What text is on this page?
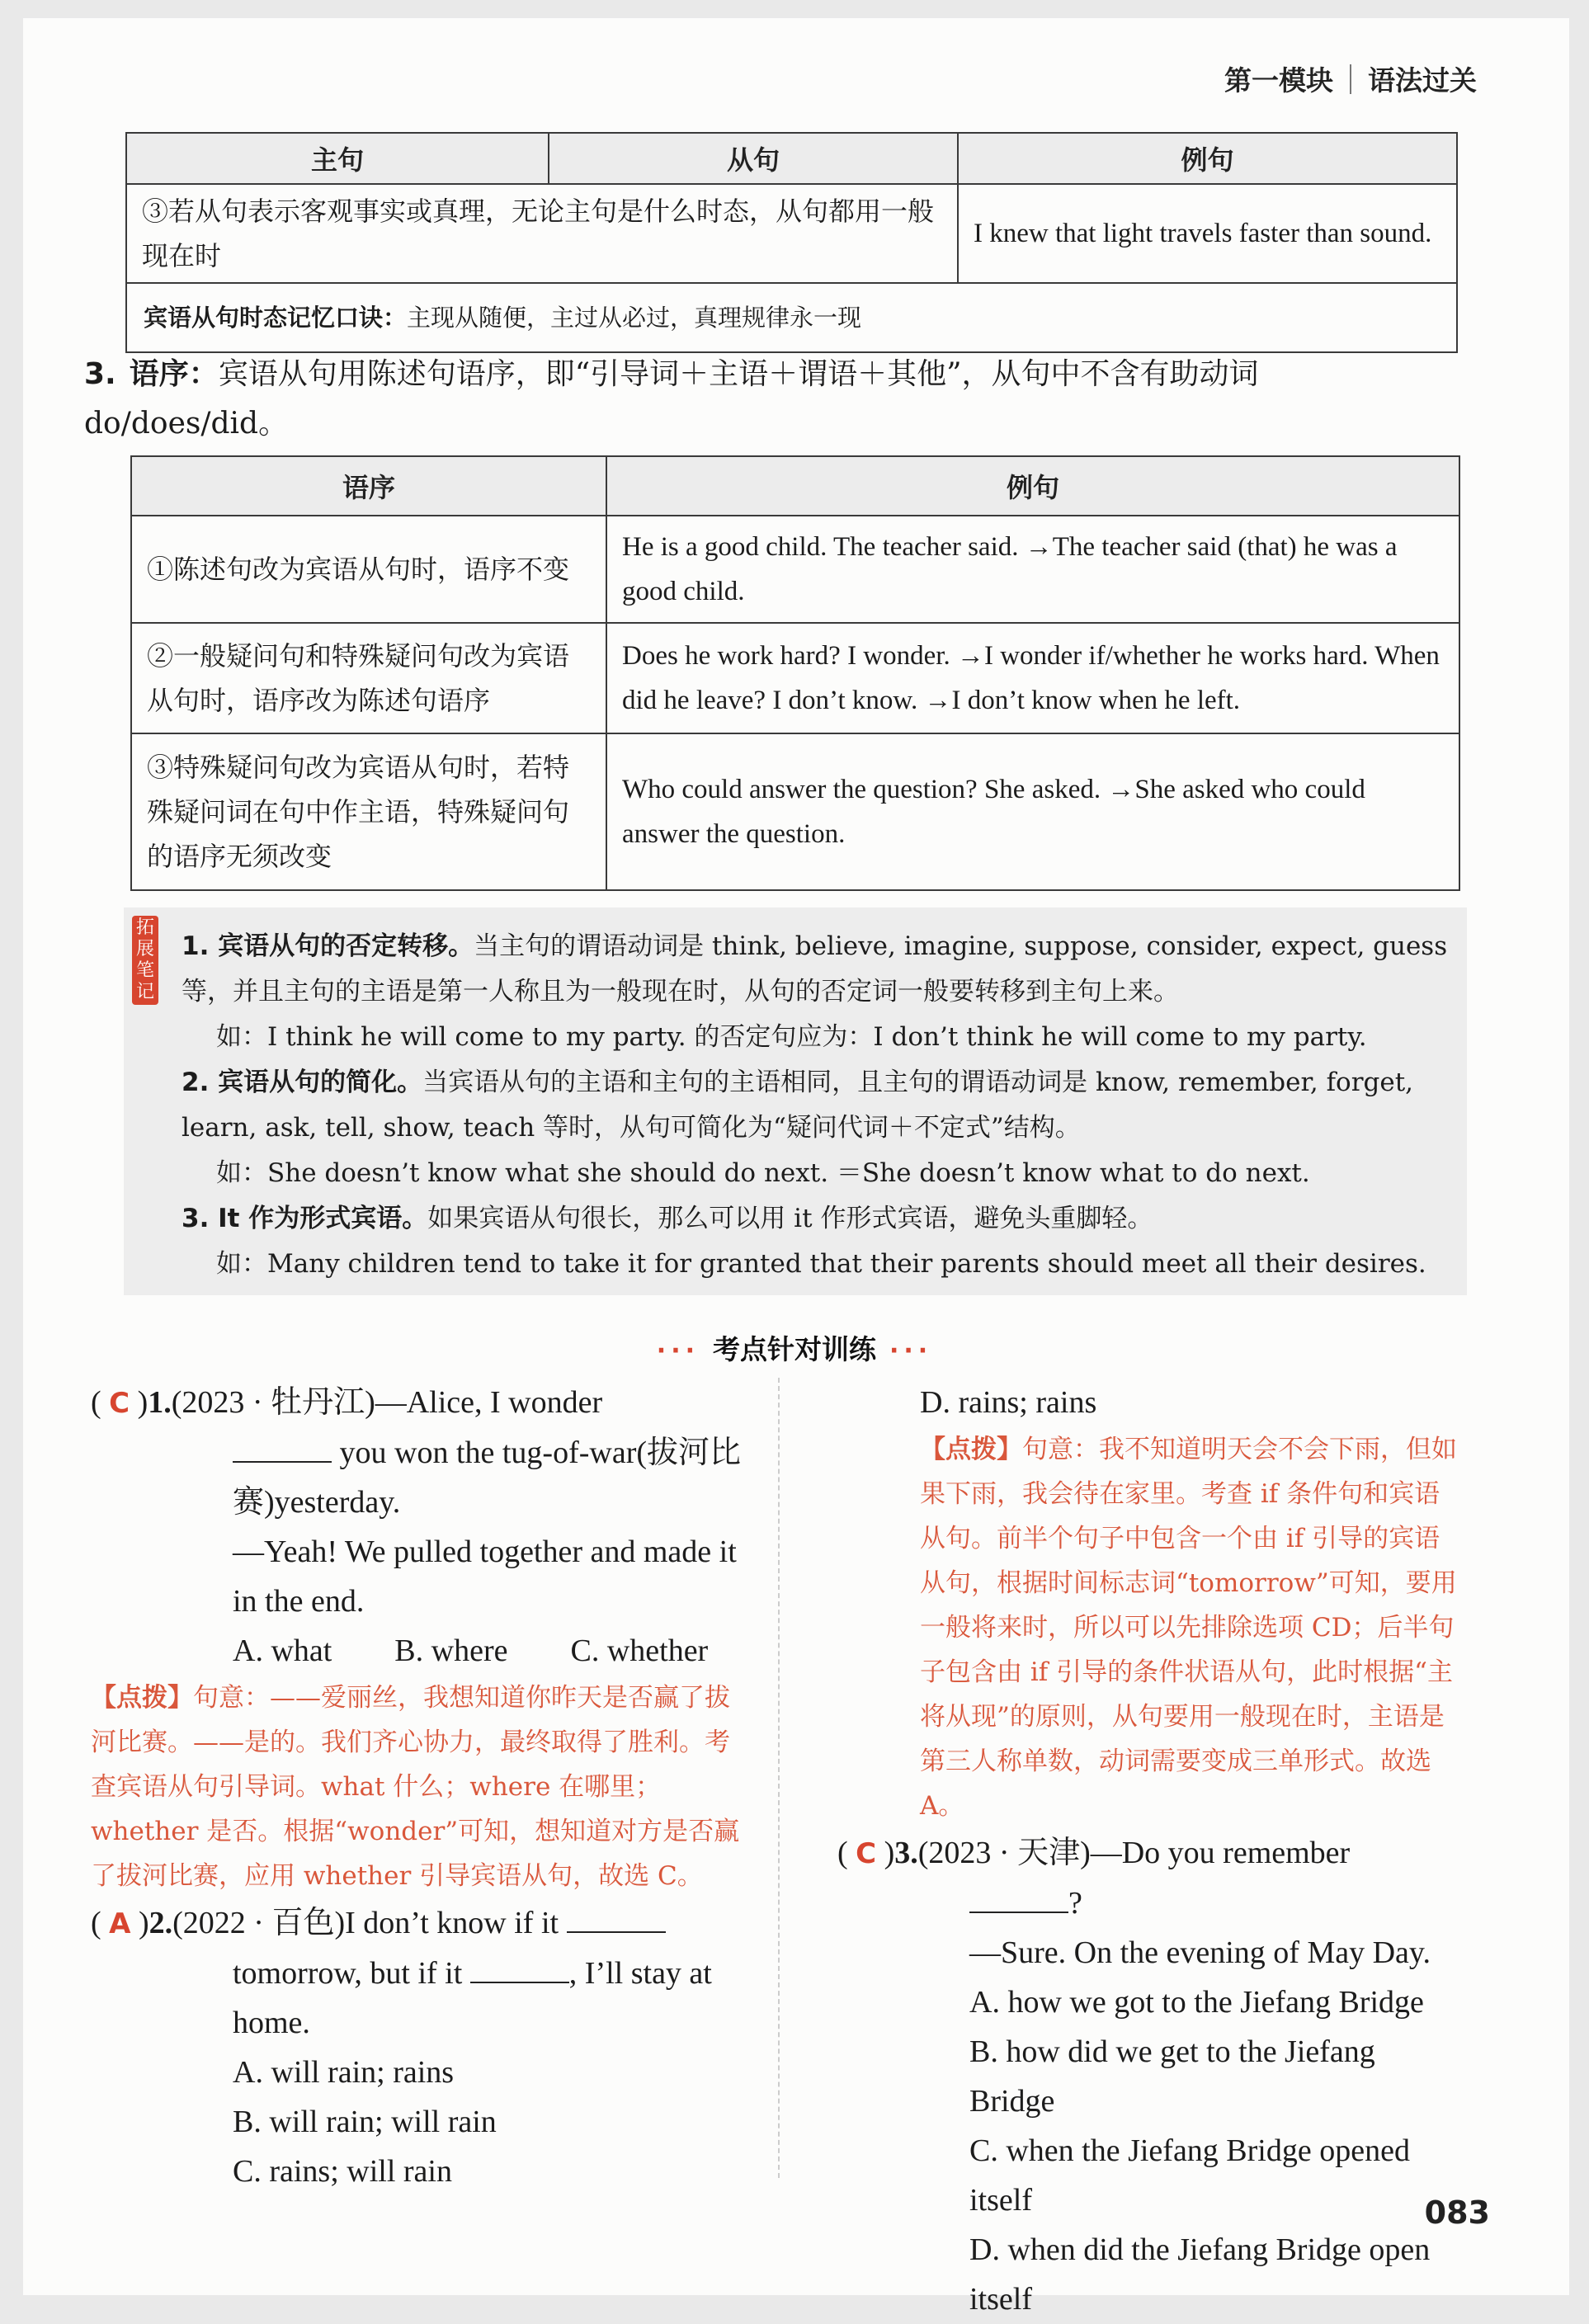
第一模块 语法过关
主句	从句	例句
③若从句表示客观事实或真理，无论主句是什么时态，从句都用一般现在时		I knew that light travels faster than sound.
宾语从句时态记忆口诀：主现从随便，主过从必过，真理规律永一现		
3. 语序：宾语从句用陈述句语序，即“引导词＋主语＋谓语＋其他”，从句中不含有助动词 do/does/did。
语序	例句
①陈述句改为宾语从句时，语序不变	He is a good child. The teacher said. →The teacher said (that) he was a good child.
②一般疑问句和特殊疑问句改为宾语从句时，语序改为陈述句语序	Does he work hard? I wonder. →I wonder if/whether he works hard. When did he leave? I don’t know. →I don’t know when he left.
③特殊疑问句改为宾语从句时，若特殊疑问词在句中作主语，特殊疑问句的语序无须改变	Who could answer the question? She asked. →She asked who could answer the question.
拓展笔记

1. 宾语从句的否定转移。当主句的谓语动词是 think, believe, imagine, suppose, consider, expect, guess 等，并且主句的主语是第一人称且为一般现在时，从句的否定词一般要转移到主句上来。

如：I think he will come to my party. 的否定句应为：I don’t think he will come to my party.

2. 宾语从句的简化。当宾语从句的主语和主句的主语相同，且主句的谓语动词是 know, remember, forget, learn, ask, tell, show, teach 等时，从句可简化为“疑问代词＋不定式”结构。

如：She doesn’t know what she should do next. ＝She doesn’t know what to do next.

3. It 作为形式宾语。如果宾语从句很长，那么可以用 it 作形式宾语，避免头重脚轻。

如：Many children tend to take it for granted that their parents should meet all their desires.

··· 考点针对训练 ···

( C )1.(2023 · 牡丹江)—Alice, I wonder

you won the tug-of-war(拔河比赛)yesterday.

—Yeah! We pulled together and made it in the end.

A. what　　B. where　　C. whether

【点拨】句意：——爱丽丝，我想知道你昨天是否赢了拔河比赛。——是的。我们齐心协力，最终取得了胜利。考查宾语从句引导词。what 什么；where 在哪里；whether 是否。根据“wonder”可知，想知道对方是否赢了拔河比赛，应用 whether 引导宾语从句，故选 C。

( A )2.(2022 · 百色)I don’t know if it

tomorrow, but if it	, I’ll stay at home.

A. will rain; rains

B. will rain; will rain

C. rains; will rain

D. rains; rains

【点拨】句意：我不知道明天会不会下雨，但如果下雨，我会待在家里。考查 if 条件句和宾语从句。前半个句子中包含一个由 if 引导的宾语从句，根据时间标志词“tomorrow”可知，要用一般将来时，所以可以先排除选项 CD；后半句子包含由 if 引导的条件状语从句，此时根据“主将从现”的原则，从句要用一般现在时，主语是第三人称单数，动词需要变成三单形式。故选 A。

( C )3.(2023 · 天津)—Do you remember

?

—Sure. On the evening of May Day.

A. how we got to the Jiefang Bridge

B. how did we get to the Jiefang Bridge

C. when the Jiefang Bridge opened itself

D. when did the Jiefang Bridge open itself

083
